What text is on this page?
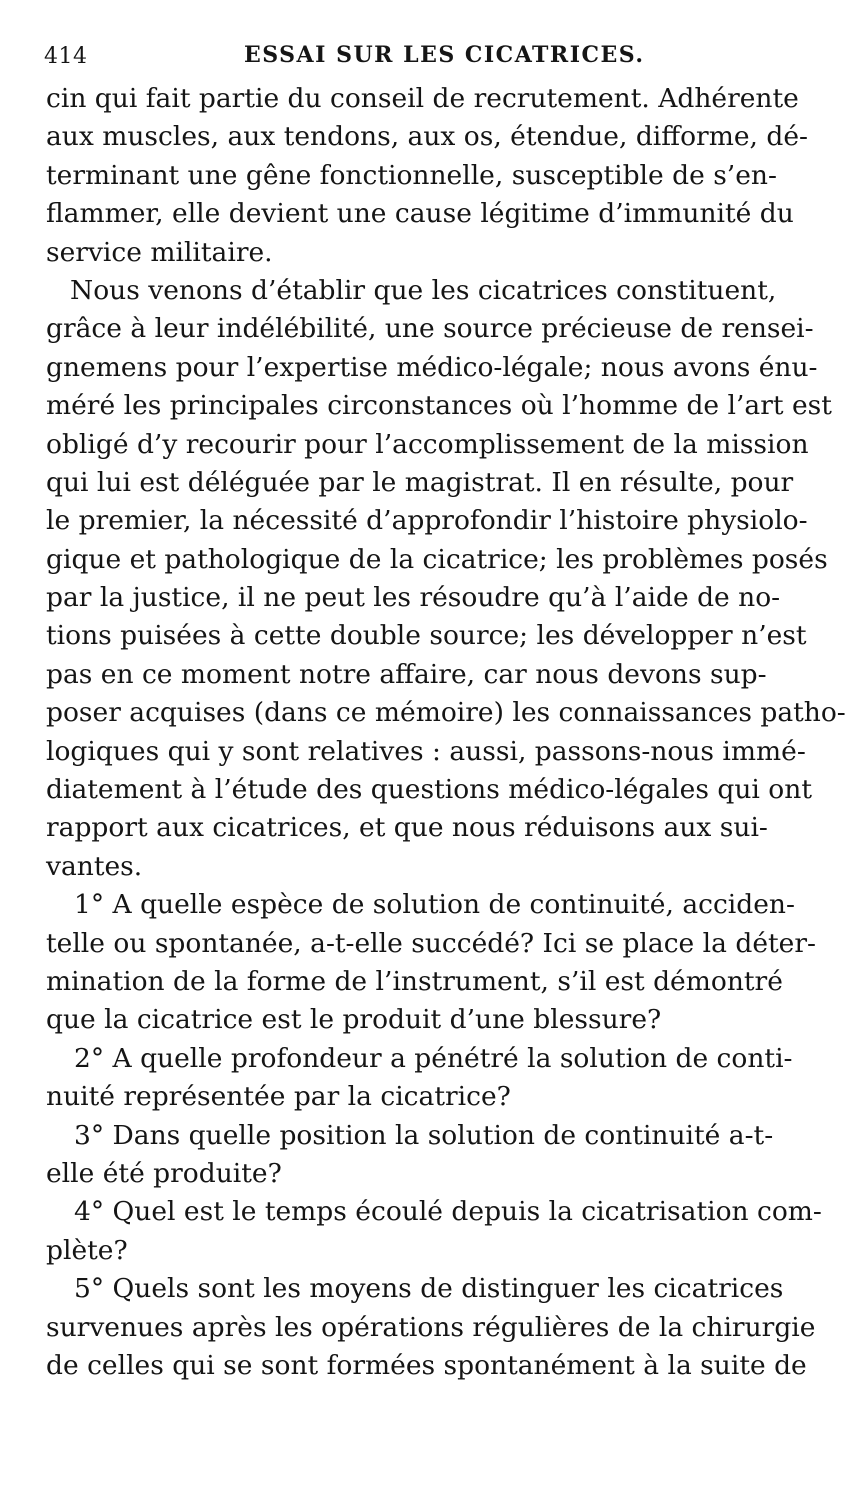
414	ESSAI SUR LES CICATRICES.
cin qui fait partie du conseil de recrutement. Adhérente
aux muscles, aux tendons, aux os, étendue, difforme, dé-
terminant une gêne fonctionnelle, susceptible de s’en-
flammer, elle devient une cause légitime d’immunité du
service militaire.
Nous venons d’établir que les cicatrices constituent,
grâce à leur indélébilité, une source précieuse de rensei-
gnemens pour l’expertise médico-légale; nous avons énu-
méré les principales circonstances où l’homme de l’art est
obligé d’y recourir pour l’accomplissement de la mission
qui lui est déléguée par le magistrat. Il en résulte, pour
le premier, la nécessité d’approfondir l’histoire physiolo-
gique et pathologique de la cicatrice; les problèmes posés
par la justice, il ne peut les résoudre qu’à l’aide de no-
tions puisées à cette double source; les développer n’est
pas en ce moment notre affaire, car nous devons sup-
poser acquises (dans ce mémoire) les connaissances patho-
logiques qui y sont relatives : aussi, passons-nous immé-
diatement à l’étude des questions médico-légales qui ont
rapport aux cicatrices, et que nous réduisons aux sui-
vantes.
1° A quelle espèce de solution de continuité, acciden-
telle ou spontanée, a-t-elle succédé? Ici se place la déter-
mination de la forme de l’instrument, s’il est démontré
que la cicatrice est le produit d’une blessure?
2° A quelle profondeur a pénétré la solution de conti-
nuité représentée par la cicatrice?
3° Dans quelle position la solution de continuité a-t-
elle été produite?
4° Quel est le temps écoulé depuis la cicatrisation com-
plète?
5° Quels sont les moyens de distinguer les cicatrices
survenues après les opérations régulières de la chirurgie
de celles qui se sont formées spontanément à la suite de
